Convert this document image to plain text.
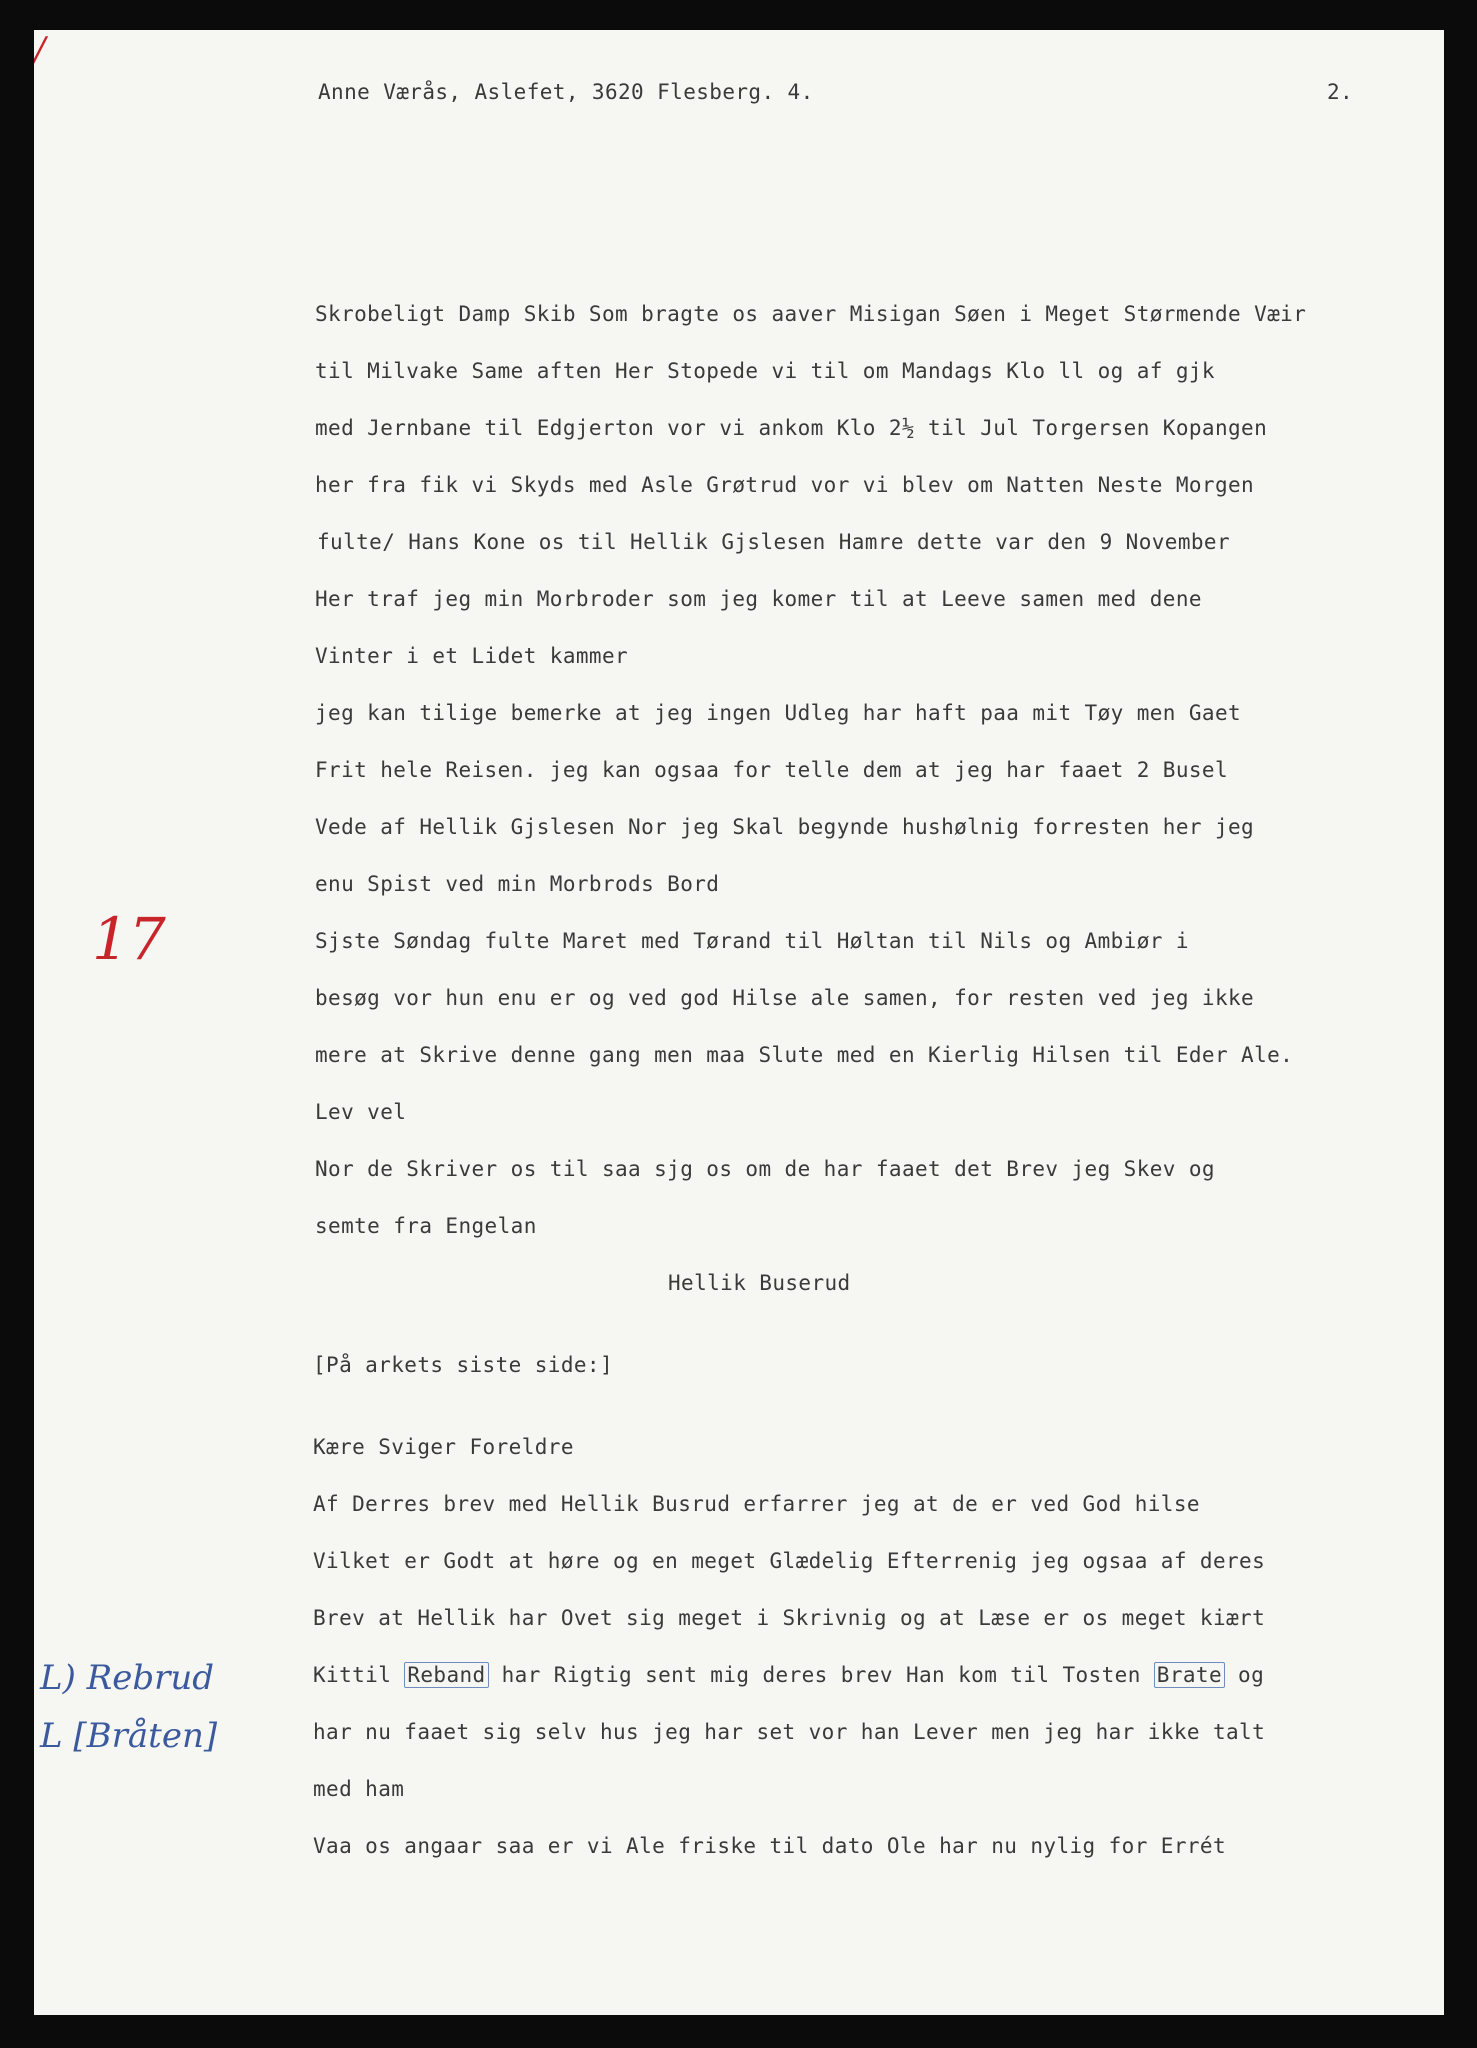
Anne Værås, Aslefet, 3620 Flesberg. 4.	2.
Skrobeligt Damp Skib Som bragte os aaver Misigan Søen i Meget Størmende Væir
til Milvake Same aften Her Stopede vi til om Mandags Klo ll og af gjk
med Jernbane til Edgjerton vor vi ankom Klo 2½ til Jul Torgersen Kopangen
her fra fik vi Skyds med Asle Grøtrud vor vi blev om Natten Neste Morgen
fulte/ Hans Kone os til Hellik Gjslesen Hamre dette var den 9 November
Her traf jeg min Morbroder som jeg komer til at Leeve samen med dene
Vinter i et Lidet kammer
jeg kan tilige bemerke at jeg ingen Udleg har haft paa mit Tøy men Gaet
Frit hele Reisen. jeg kan ogsaa for telle dem at jeg har faaet 2 Busel
Vede af Hellik Gjslesen Nor jeg Skal begynde hushølnig forresten her jeg
enu Spist ved min Morbrods Bord
Sjste Søndag fulte Maret med Tørand til Høltan til Nils og Ambiør i
besøg vor hun enu er og ved god Hilse ale samen, for resten ved jeg ikke
mere at Skrive denne gang men maa Slute med en Kierlig Hilsen til Eder Ale.
Lev vel
Nor de Skriver os til saa sjg os om de har faaet det Brev jeg Skev og
semte fra Engelan
Hellik Buserud
[På arkets siste side:]
Kære Sviger Foreldre
Af Derres brev med Hellik Busrud erfarrer jeg at de er ved God hilse
Vilket er Godt at høre og en meget Glædelig Efterrenig jeg ogsaa af deres
Brev at Hellik har Ovet sig meget i Skrivnig og at Læse er os meget kiært
Kittil Reband har Rigtig sent mig deres brev Han kom til Tosten Brate og
har nu faaet sig selv hus jeg har set vor han Lever men jeg har ikke talt
med ham
Vaa os angaar saa er vi Ale friske til dato Ole har nu nylig for Errét
17
/
L) Rebrud
L [Bråten]
